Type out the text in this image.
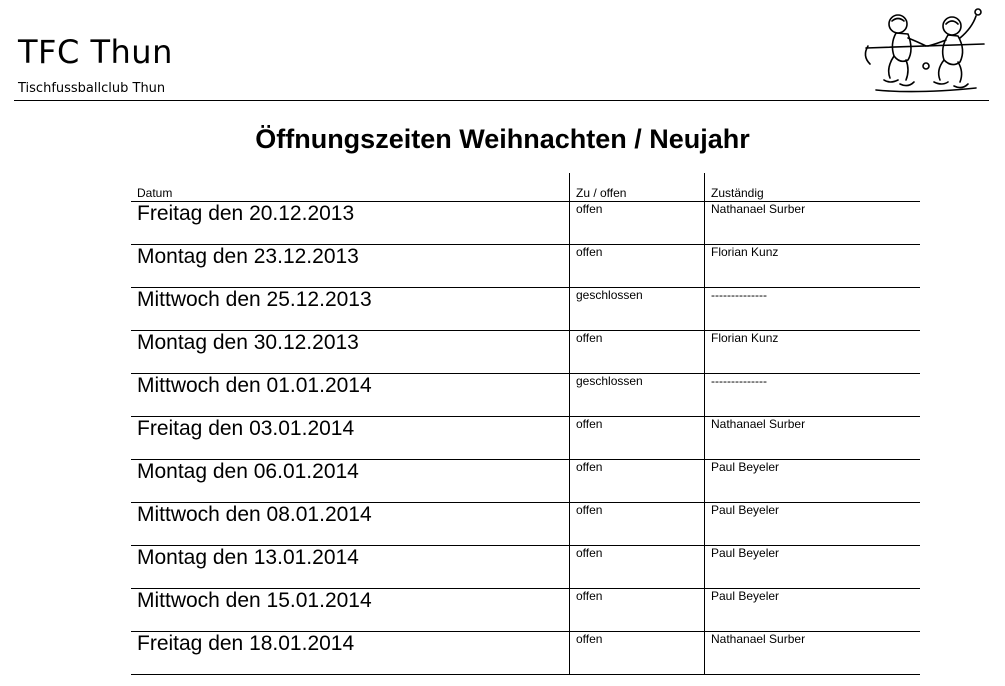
TFC Thun
Tischfussballclub Thun
Öffnungszeiten Weihnachten / Neujahr
Datum	Zu / offen	Zuständig
Freitag den 20.12.2013	offen	Nathanael Surber
Montag den 23.12.2013	offen	Florian Kunz
Mittwoch den 25.12.2013	geschlossen	--------------
Montag den 30.12.2013	offen	Florian Kunz
Mittwoch den 01.01.2014	geschlossen	--------------
Freitag den 03.01.2014	offen	Nathanael Surber
Montag den 06.01.2014	offen	Paul Beyeler
Mittwoch den 08.01.2014	offen	Paul Beyeler
Montag den 13.01.2014	offen	Paul Beyeler
Mittwoch den 15.01.2014	offen	Paul Beyeler
Freitag den 18.01.2014	offen	Nathanael Surber
